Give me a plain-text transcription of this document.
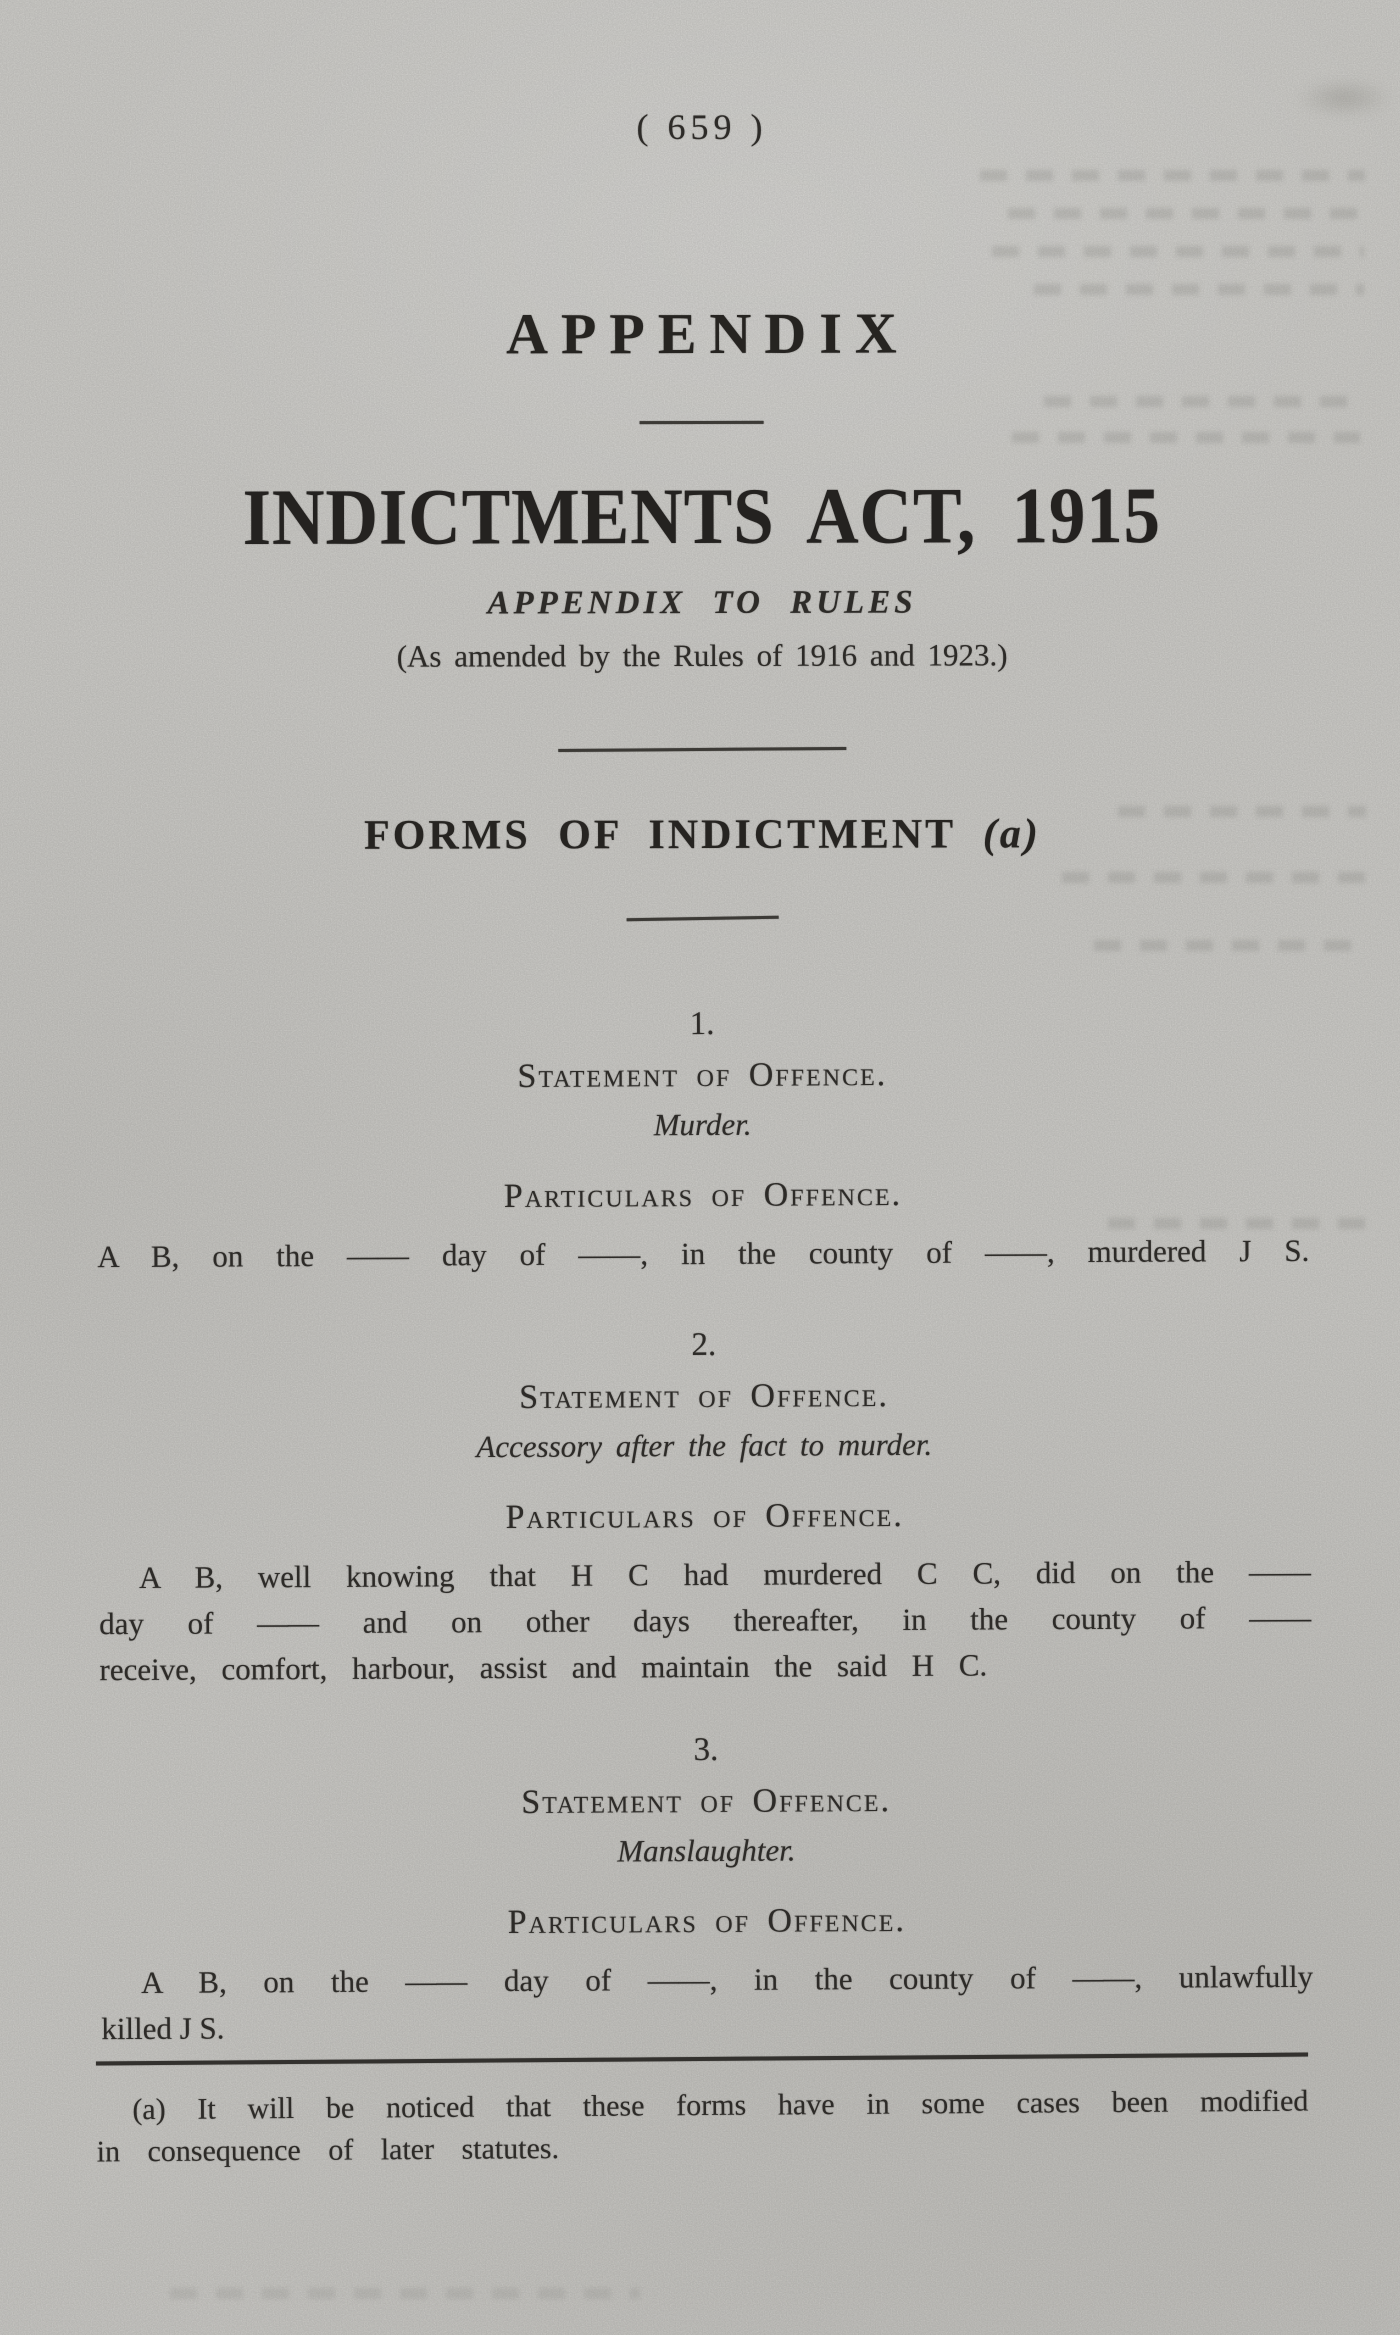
( 659 )
APPENDIX
INDICTMENTS ACT, 1915
APPENDIX TO RULES
(As amended by the Rules of 1916 and 1923.)
FORMS OF INDICTMENT (a)
1.
Statement of Offence.
Murder.
Particulars of Offence.
A B, on the —— day of ——, in the county of ——, murdered J S.
2.
Statement of Offence.
Accessory after the fact to murder.
Particulars of Offence.
A B, well knowing that H C had murdered C C, did on the ——
day of —— and on other days thereafter, in the county of ——
receive, comfort, harbour, assist and maintain the said H C.
3.
Statement of Offence.
Manslaughter.
Particulars of Offence.
A B, on the —— day of ——, in the county of ——, unlawfully
killed J S.
(a) It will be noticed that these forms have in some cases been modified
in consequence of later statutes.
